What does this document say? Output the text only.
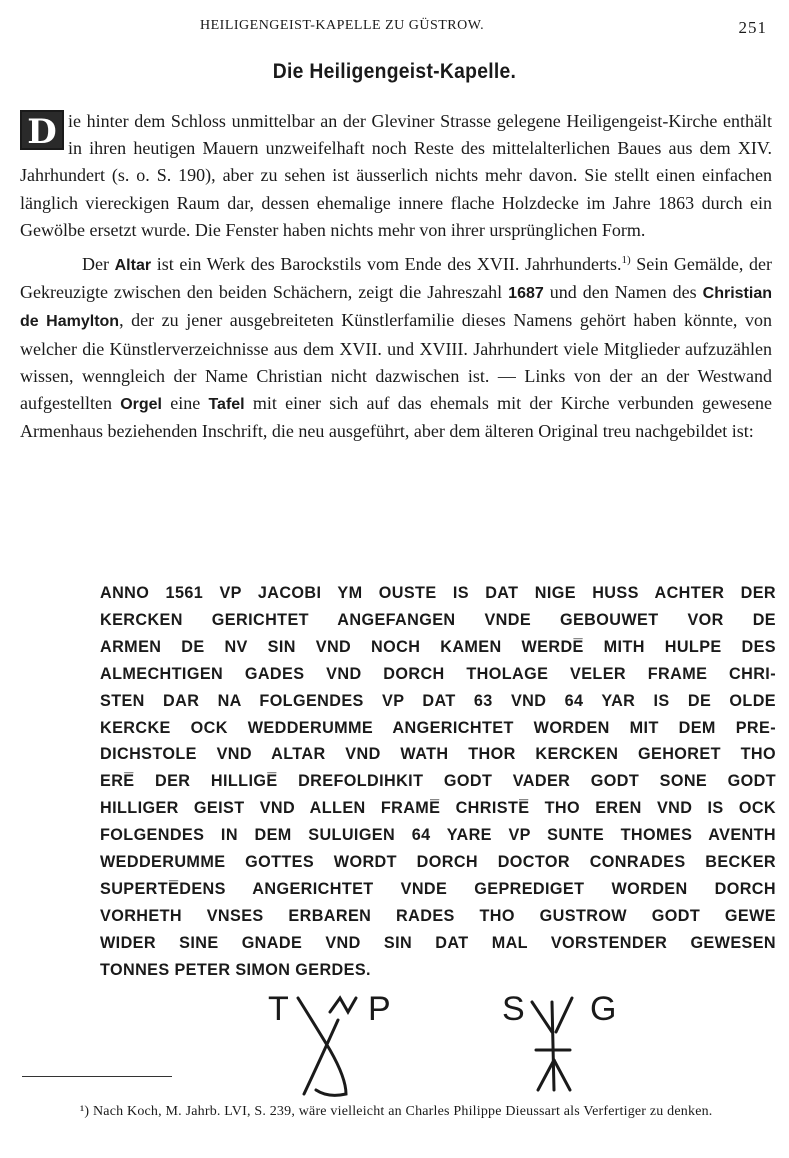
HEILIGENGEIST-KAPELLE ZU GÜSTROW.	251
Die Heiligengeist-Kapelle.

D ie hinter dem Schloss unmittelbar an der Gleviner Strasse gelegene Heiligengeist-Kirche enthält in ihren heutigen Mauern unzweifelhaft noch Reste des mittelalterlichen Baues aus dem XIV. Jahrhundert (s. o. S. 190), aber zu sehen ist äusserlich nichts mehr davon. Sie stellt einen einfachen länglich viereckigen Raum dar, dessen ehemalige innere flache Holzdecke im Jahre 1863 durch ein Gewölbe ersetzt wurde. Die Fenster haben nichts mehr von ihrer ursprünglichen Form.

Der Altar ist ein Werk des Barockstils vom Ende des XVII. Jahrhunderts.$^{1)}$ Sein Gemälde, der Gekreuzigte zwischen den beiden Schächern, zeigt die Jahreszahl 1687 und den Namen des Christian de Hamylton, der zu jener ausgebreiteten Künstlerfamilie dieses Namens gehört haben könnte, von welcher die Künstlerverzeichnisse aus dem XVII. und XVIII. Jahrhundert viele Mitglieder aufzuzählen wissen, wenngleich der Name Christian nicht dazwischen ist. — Links von der an der Westwand aufgestellten Orgel eine Tafel mit einer sich auf das ehemals mit der Kirche verbunden gewesene Armenhaus beziehenden Inschrift, die neu ausgeführt, aber dem älteren Original treu nachgebildet ist:

ANNO 1561 VP JACOBI YM OUSTE IS DAT NIGE HUSS ACHTER DER
KERCKEN GERICHTET ANGEFANGEN VNDE GEBOUWET VOR DE
ARMEN DE NV SIN VND NOCH KAMEN WERDE̅ MITH HULPE DES
ALMECHTIGEN GADES VND DORCH THOLAGE VELER FRAME CHRI-
STEN DAR NA FOLGENDES VP DAT 63 VND 64 YAR IS DE OLDE
KERCKE OCK WEDDERUMME ANGERICHTET WORDEN MIT DEM PRE-
DICHSTOLE VND ALTAR VND WATH THOR KERCKEN GEHORET THO
ERE̅ DER HILLIGE̅ DREFOLDIHKIT GODT VADER GODT SONE GODT
HILLIGER GEIST VND ALLEN FRAME̅ CHRISTE̅ THO EREN VND IS OCK
FOLGENDES IN DEM SULUIGEN 64 YARE VP SUNTE THOMES AVENTH
WEDDERUMME GOTTES WORDT DORCH DOCTOR CONRADES BECKER
SUPERTE̅DENS ANGERICHTET VNDE GEPREDIGET WORDEN DORCH
VORHETH VNSES ERBAREN RADES THO GUSTROW GODT GEWE
WIDER SINE GNADE VND SIN DAT MAL VORSTENDER GEWESEN
TONNES PETER SIMON GERDES.
T P	S G

¹) Nach Koch, M. Jahrb. LVI, S. 239, wäre vielleicht an Charles Philippe Dieussart als Verfertiger zu denken.
